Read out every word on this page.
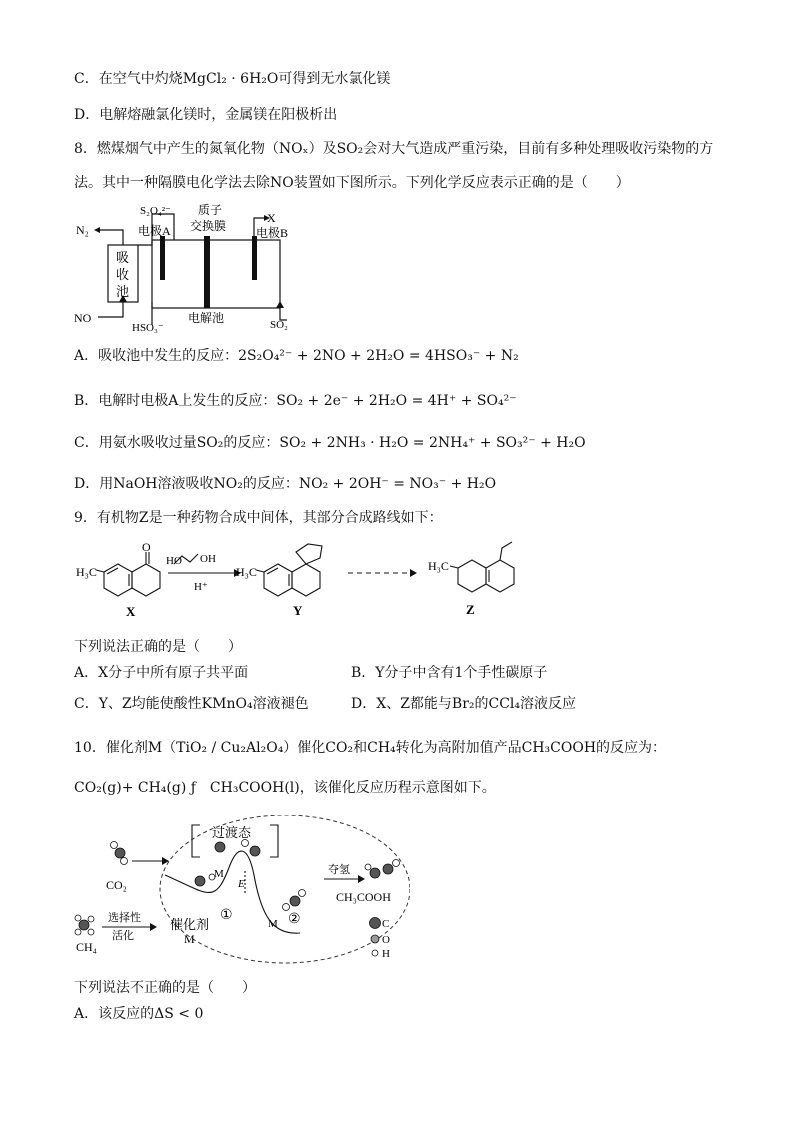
C．在空气中灼烧MgCl₂ · 6H₂O可得到无水氯化镁
D．电解熔融氯化镁时，金属镁在阳极析出
8．燃煤烟气中产生的氮氧化物（NOₓ）及SO₂会对大气造成严重污染，目前有多种处理吸收污染物的方
法。其中一种隔膜电化学法去除NO装置如下图所示。下列化学反应表示正确的是（　　）
N₂
S₂O₄²⁻
电极A
质子
交换膜
X
电极B
吸
收
池
NO
HSO₃⁻
电解池	SO₂
A．吸收池中发生的反应：2S₂O₄²⁻ + 2NO + 2H₂O = 4HSO₃⁻ + N₂
B．电解时电极A上发生的反应：SO₂ + 2e⁻ + 2H₂O = 4H⁺ + SO₄²⁻
C．用氨水吸收过量SO₂的反应：SO₂ + 2NH₃ · H₂O = 2NH₄⁺ + SO₃²⁻ + H₂O
D．用NaOH溶液吸收NO₂的反应：NO₂ + 2OH⁻ = NO₃⁻ + H₂O
9．有机物Z是一种药物合成中间体，其部分合成路线如下：
H₃C
O
X
HO OH
H⁺
H₃C
Y
H₃C
Z
下列说法正确的是（　　）
A．X分子中所有原子共平面	B．Y分子中含有1个手性碳原子
C．Y、Z均能使酸性KMnO₄溶液褪色	D．X、Z都能与Br₂的CCl₄溶液反应
10．催化剂M（TiO₂ / Cu₂Al₂O₄）催化CO₂和CH₄转化为高附加值产品CH₃COOH的反应为：
CO₂(g)+ CH₄(g) ƒ　CH₃COOH(l)，该催化反应历程示意图如下。
过渡态
CO₂
CH₄
选择性
活化
催化剂
M
M
M
E
①	②
夺氢
CH₃COOH
C
O
H
下列说法不正确的是（　　）
A．该反应的ΔS < 0
